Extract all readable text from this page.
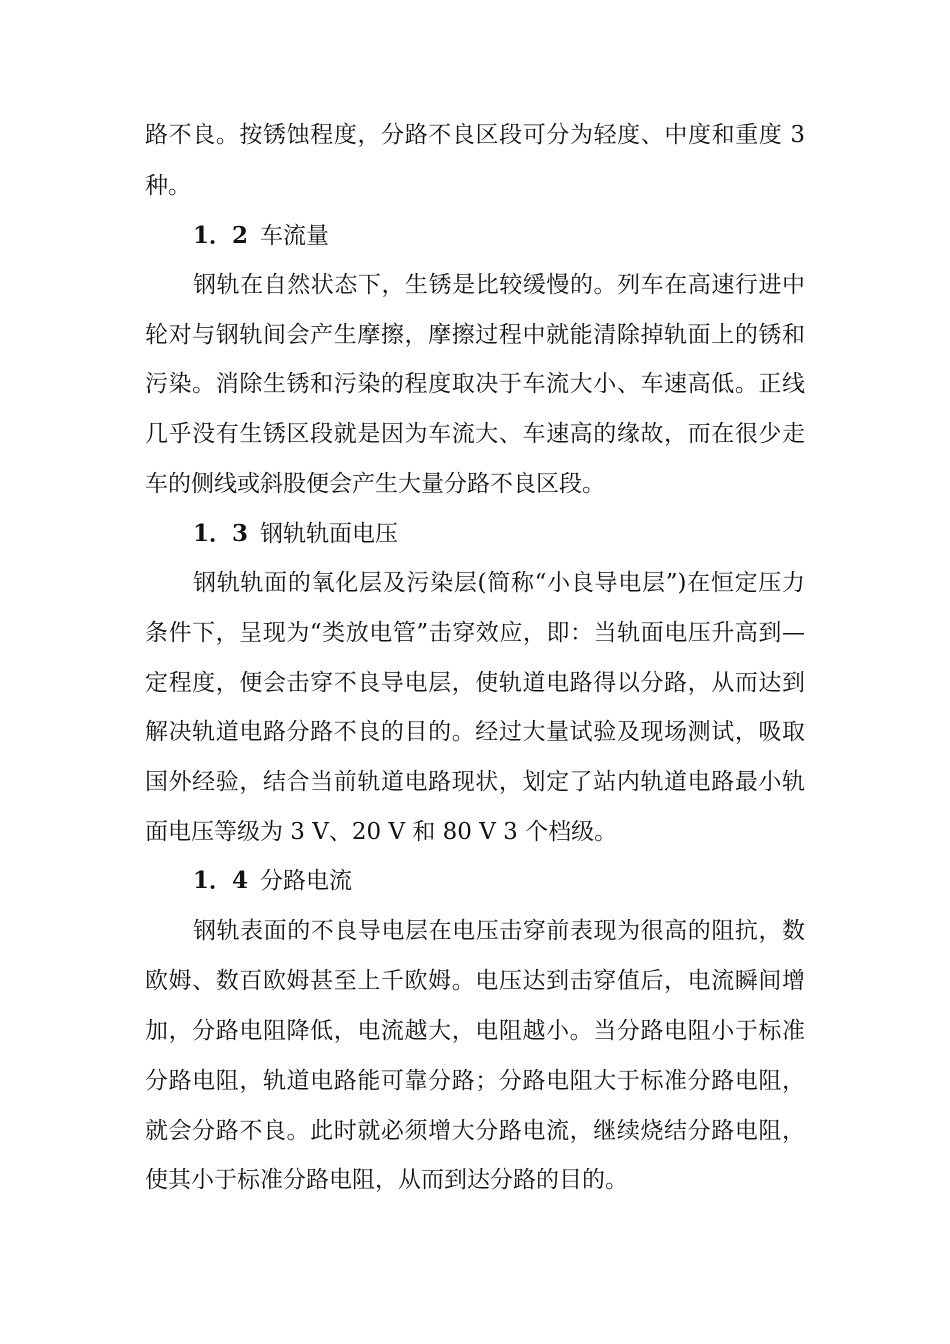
路不良。按锈蚀程度，分路不良区段可分为轻度、中度和重度 3
种。
1．2 车流量
钢轨在自然状态下，生锈是比较缓慢的。列车在高速行进中
轮对与钢轨间会产生摩擦，摩擦过程中就能清除掉轨面上的锈和
污染。消除生锈和污染的程度取决于车流大小、车速高低。正线
几乎没有生锈区段就是因为车流大、车速高的缘故，而在很少走
车的侧线或斜股便会产生大量分路不良区段。
1．3 钢轨轨面电压
钢轨轨面的氧化层及污染层(简称“小良导电层”)在恒定压力
条件下，呈现为“类放电管”击穿效应，即：当轨面电压升高到—
定程度，便会击穿不良导电层，使轨道电路得以分路，从而达到
解决轨道电路分路不良的目的。经过大量试验及现场测试，吸取
国外经验，结合当前轨道电路现状，划定了站内轨道电路最小轨
面电压等级为 3 V、20 V 和 80 V 3 个档级。
1．4 分路电流
钢轨表面的不良导电层在电压击穿前表现为很高的阻抗，数
欧姆、数百欧姆甚至上千欧姆。电压达到击穿值后，电流瞬间增
加，分路电阻降低，电流越大，电阻越小。当分路电阻小于标准
分路电阻，轨道电路能可靠分路；分路电阻大于标准分路电阻，
就会分路不良。此时就必须增大分路电流，继续烧结分路电阻，
使其小于标准分路电阻，从而到达分路的目的。
